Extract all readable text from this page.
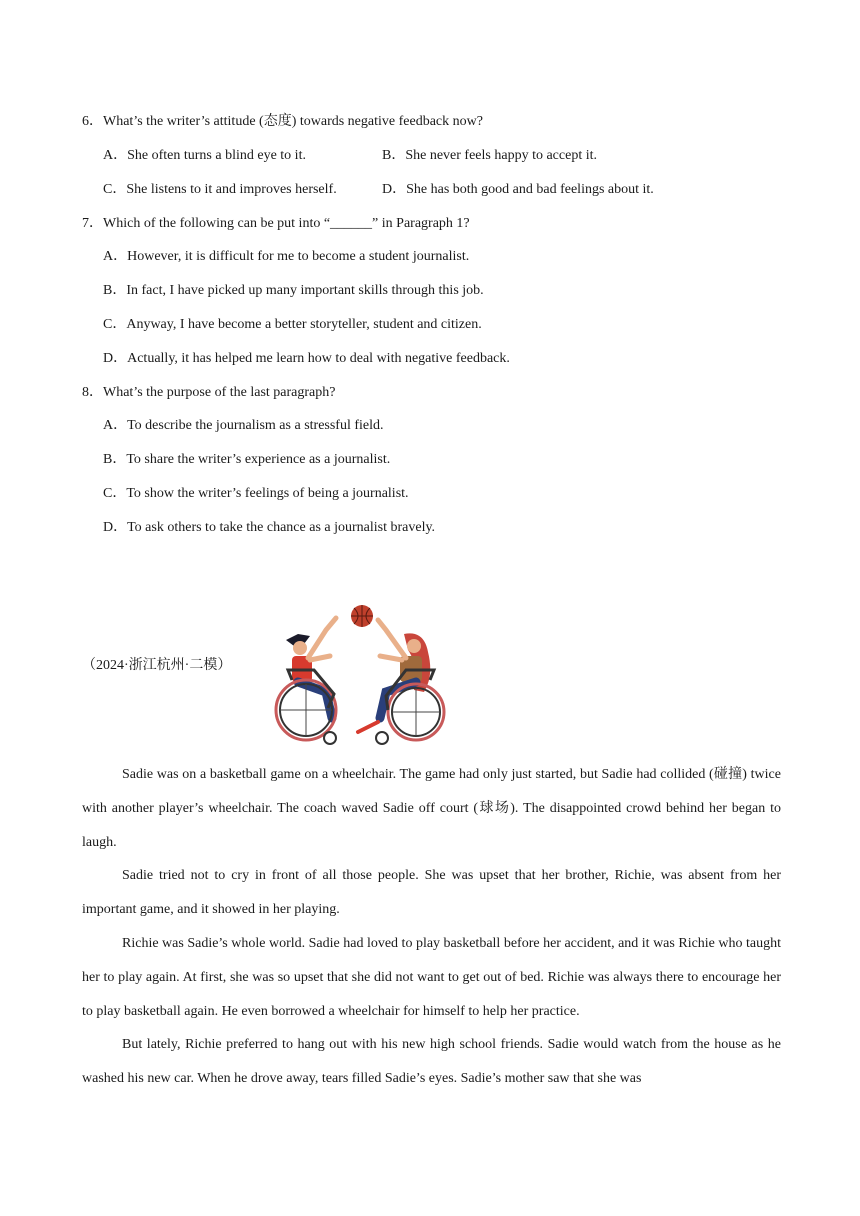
6．What’s the writer’s attitude (态度) towards negative feedback now?
A．She often turns a blind eye to it.	B．She never feels happy to accept it.
C．She listens to it and improves herself.	D．She has both good and bad feelings about it.
7．Which of the following can be put into “______” in Paragraph 1?
A．However, it is difficult for me to become a student journalist.
B．In fact, I have picked up many important skills through this job.
C．Anyway, I have become a better storyteller, student and citizen.
D．Actually, it has helped me learn how to deal with negative feedback.
8．What’s the purpose of the last paragraph?
A．To describe the journalism as a stressful field.
B．To share the writer’s experience as a journalist.
C．To show the writer’s feelings of being a journalist.
D．To ask others to take the chance as a journalist bravely.
（2024·浙江杭州·二模）
Sadie was on a basketball game on a wheelchair. The game had only just started, but Sadie had collided (碰撞) twice with another player’s wheelchair. The coach waved Sadie off court (球场). The disappointed crowd behind her began to laugh.
Sadie tried not to cry in front of all those people. She was upset that her brother, Richie, was absent from her important game, and it showed in her playing.
Richie was Sadie’s whole world. Sadie had loved to play basketball before her accident, and it was Richie who taught her to play again. At first, she was so upset that she did not want to get out of bed. Richie was always there to encourage her to play basketball again. He even borrowed a wheelchair for himself to help her practice.
But lately, Richie preferred to hang out with his new high school friends. Sadie would watch from the house as he washed his new car. When he drove away, tears filled Sadie’s eyes. Sadie’s mother saw that she was
